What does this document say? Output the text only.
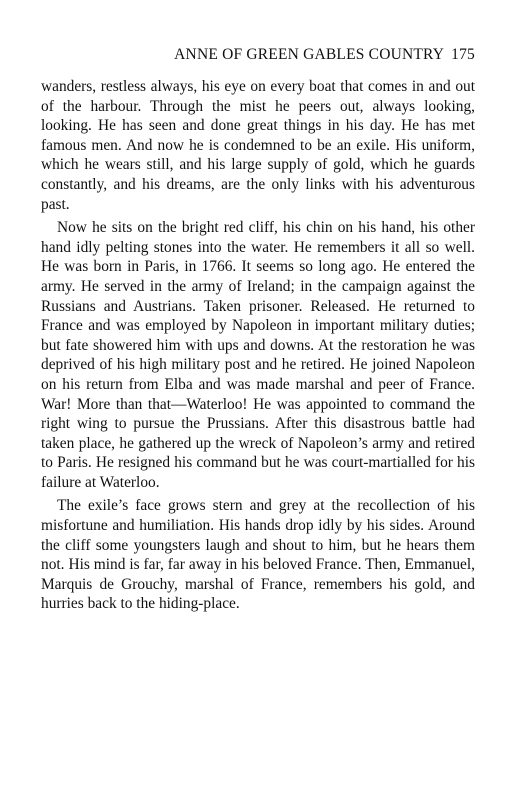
ANNE OF GREEN GABLES COUNTRY 175

wanders, restless always, his eye on every boat that comes in and out of the harbour. Through the mist he peers out, always looking, looking. He has seen and done great things in his day. He has met famous men. And now he is condemned to be an exile. His uniform, which he wears still, and his large supply of gold, which he guards constantly, and his dreams, are the only links with his adventurous past.

Now he sits on the bright red cliff, his chin on his hand, his other hand idly pelting stones into the water. He remembers it all so well. He was born in Paris, in 1766. It seems so long ago. He entered the army. He served in the army of Ireland; in the campaign against the Russians and Austrians. Taken prisoner. Released. He returned to France and was employed by Napoleon in important military duties; but fate showered him with ups and downs. At the restoration he was deprived of his high military post and he retired. He joined Napoleon on his return from Elba and was made marshal and peer of France. War! More than that—Waterloo! He was appointed to command the right wing to pursue the Prussians. After this disastrous battle had taken place, he gathered up the wreck of Napoleon’s army and retired to Paris. He resigned his command but he was court-martialled for his failure at Waterloo.

The exile’s face grows stern and grey at the recollection of his misfortune and humiliation. His hands drop idly by his sides. Around the cliff some youngsters laugh and shout to him, but he hears them not. His mind is far, far away in his beloved France. Then, Emmanuel, Marquis de Grouchy, marshal of France, remembers his gold, and hurries back to the hiding-place.
